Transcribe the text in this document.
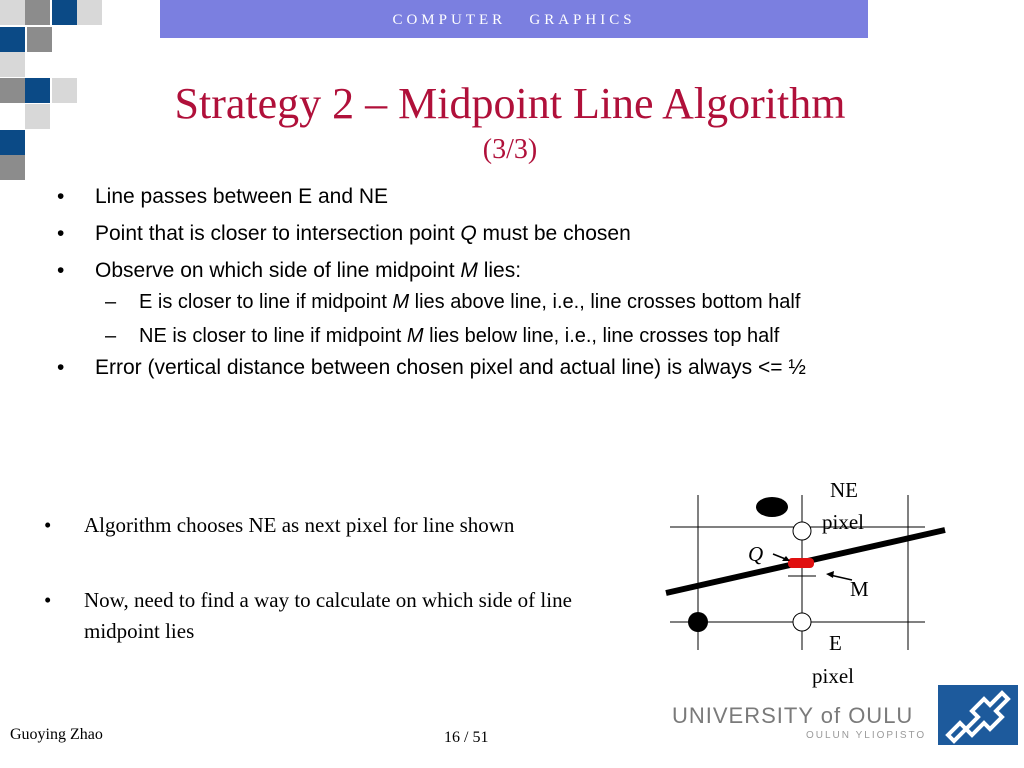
COMPUTER   GRAPHICS
Strategy 2 – Midpoint Line Algorithm (3/3)
• Line passes between E and NE
• Point that is closer to intersection point Q must be chosen
• Observe on which side of line midpoint M lies:
– E is closer to line if midpoint M lies above line, i.e., line crosses bottom half
– NE is closer to line if midpoint M lies below line, i.e., line crosses top half
• Error (vertical distance between chosen pixel and actual line) is always <= ½
• Algorithm chooses NE as next pixel for line shown
• Now, need to find a way to calculate on which side of line midpoint lies
NE
pixel
Q
M
E
pixel
Guoying Zhao	16 / 51
UNIVERSITY of OULU
OULUN YLIOPISTO
